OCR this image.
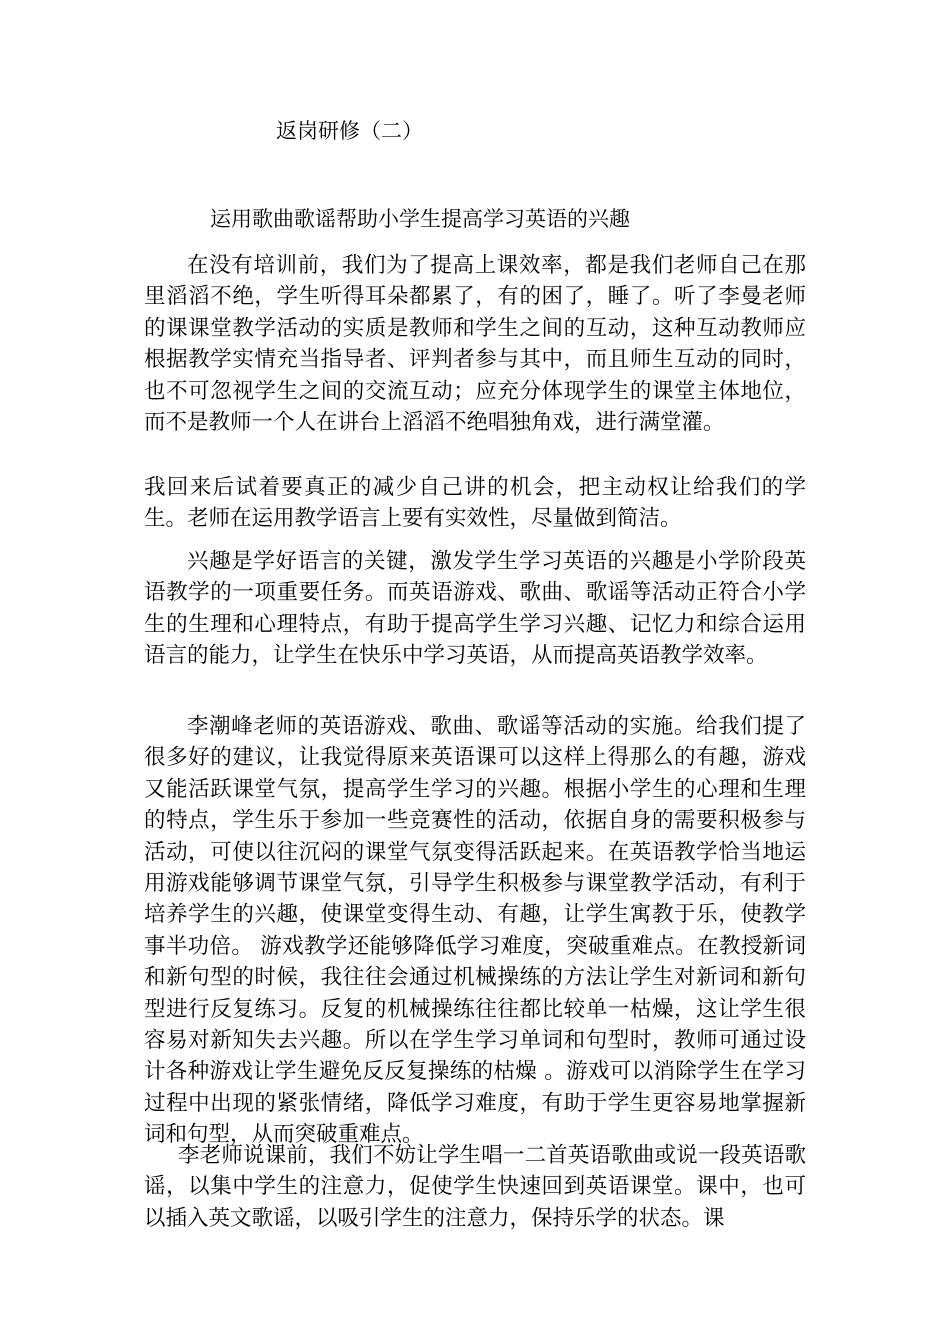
返岗研修（二）
运用歌曲歌谣帮助小学生提高学习英语的兴趣

在没有培训前，我们为了提高上课效率，都是我们老师自己在那里滔滔不绝，学生听得耳朵都累了，有的困了，睡了。听了李曼老师的课课堂教学活动的实质是教师和学生之间的互动，这种互动教师应根据教学实情充当指导者、评判者参与其中，而且师生互动的同时，也不可忽视学生之间的交流互动；应充分体现学生的课堂主体地位，而不是教师一个人在讲台上滔滔不绝唱独角戏，进行满堂灌。

我回来后试着要真正的减少自己讲的机会，把主动权让给我们的学生。老师在运用教学语言上要有实效性，尽量做到简洁。

兴趣是学好语言的关键，激发学生学习英语的兴趣是小学阶段英语教学的一项重要任务。而英语游戏、歌曲、歌谣等活动正符合小学生的生理和心理特点，有助于提高学生学习兴趣、记忆力和综合运用语言的能力，让学生在快乐中学习英语，从而提高英语教学效率。

李潮峰老师的英语游戏、歌曲、歌谣等活动的实施。给我们提了很多好的建议，让我觉得原来英语课可以这样上得那么的有趣，游戏又能活跃课堂气氛，提高学生学习的兴趣。根据小学生的心理和生理的特点，学生乐于参加一些竞赛性的活动，依据自身的需要积极参与活动，可使以往沉闷的课堂气氛变得活跃起来。在英语教学恰当地运用游戏能够调节课堂气氛，引导学生积极参与课堂教学活动，有利于培养学生的兴趣，使课堂变得生动、有趣，让学生寓教于乐，使教学事半功倍。 游戏教学还能够降低学习难度，突破重难点。在教授新词和新句型的时候，我往往会通过机械操练的方法让学生对新词和新句型进行反复练习。反复的机械操练往往都比较单一枯燥，这让学生很容易对新知失去兴趣。所以在学生学习单词和句型时，教师可通过设计各种游戏让学生避免反反复操练的枯燥 。游戏可以消除学生在学习过程中出现的紧张情绪，降低学习难度，有助于学生更容易地掌握新词和句型，从而突破重难点。

李老师说课前，我们不妨让学生唱一二首英语歌曲或说一段英语歌谣，以集中学生的注意力，促使学生快速回到英语课堂。课中，也可以插入英文歌谣，以吸引学生的注意力，保持乐学的状态。课
